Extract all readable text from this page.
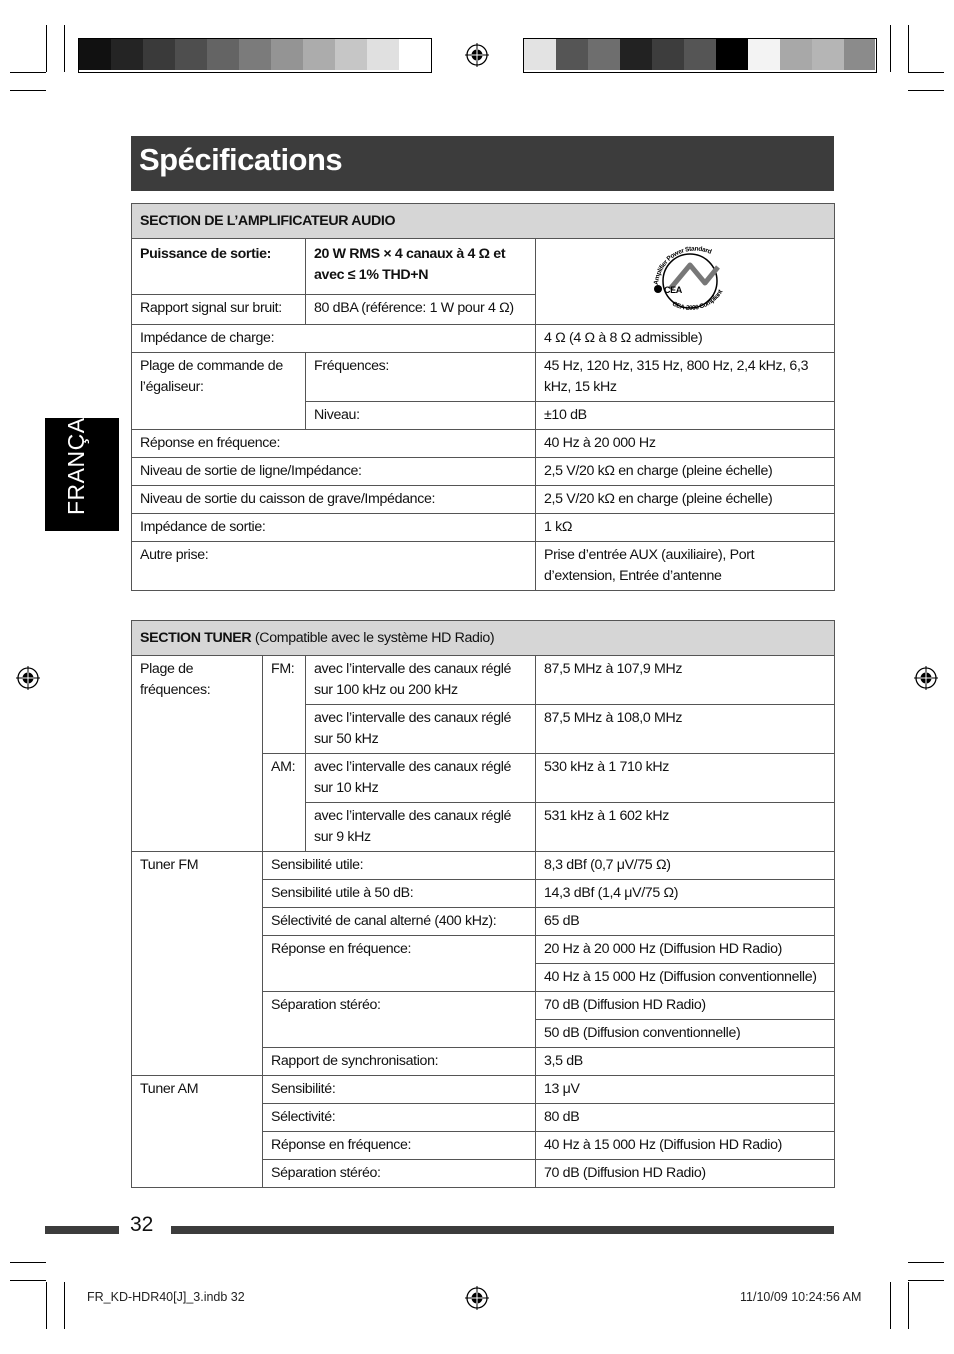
Spécifications
FRANÇAIS
SECTION DE L’AMPLIFICATEUR AUDIO		
Puissance de sortie:	20 W RMS × 4 canaux à 4 Ω et avec ≤ 1% THD+N	CEA
Amplifier Power Standard
CEA-2006 Compliant

Rapport signal sur bruit:	80 dBA (référence: 1 W pour 4 Ω)	
Impédance de charge:		4 Ω (4 Ω à 8 Ω admissible)
Plage de commande de l’égaliseur:	Fréquences:	45 Hz, 120 Hz, 315 Hz, 800 Hz, 2,4 kHz, 6,3 kHz, 15 kHz
	Niveau:	±10 dB
Réponse en fréquence:		40 Hz à 20 000 Hz
Niveau de sortie de ligne/Impédance:		2,5 V/20 kΩ en charge (pleine échelle)
Niveau de sortie du caisson de grave/Impédance:		2,5 V/20 kΩ en charge (pleine échelle)
Impédance de sortie:		1 kΩ
Autre prise:		Prise d’entrée AUX (auxiliaire), Port d’extension, Entrée d’antenne
SECTION TUNER (Compatible avec le système HD Radio)			
Plage de fréquences:	FM:	avec l’intervalle des canaux réglé sur 100 kHz ou 200 kHz	87,5 MHz à 107,9 MHz
		avec l’intervalle des canaux réglé sur 50 kHz	87,5 MHz à 108,0 MHz
	AM:	avec l’intervalle des canaux réglé sur 10 kHz	530 kHz à 1 710 kHz
		avec l’intervalle des canaux réglé sur 9 kHz	531 kHz à 1 602 kHz
Tuner FM	Sensibilité utile:		8,3 dBf (0,7 μV/75 Ω)
	Sensibilité utile à 50 dB:		14,3 dBf (1,4 μV/75 Ω)
	Sélectivité de canal alterné (400 kHz):		65 dB
	Réponse en fréquence:		20 Hz à 20 000 Hz (Diffusion HD Radio)
			40 Hz à 15 000 Hz (Diffusion conventionnelle)
	Séparation stéréo:		70 dB (Diffusion HD Radio)
			50 dB (Diffusion conventionnelle)
	Rapport de synchronisation:		3,5 dB
Tuner AM	Sensibilité:		13 μV
	Sélectivité:		80 dB
	Réponse en fréquence:		40 Hz à 15 000 Hz (Diffusion HD Radio)
	Séparation stéréo:		70 dB (Diffusion HD Radio)
32
FR_KD-HDR40[J]_3.indb 32	11/10/09 10:24:56 AM
